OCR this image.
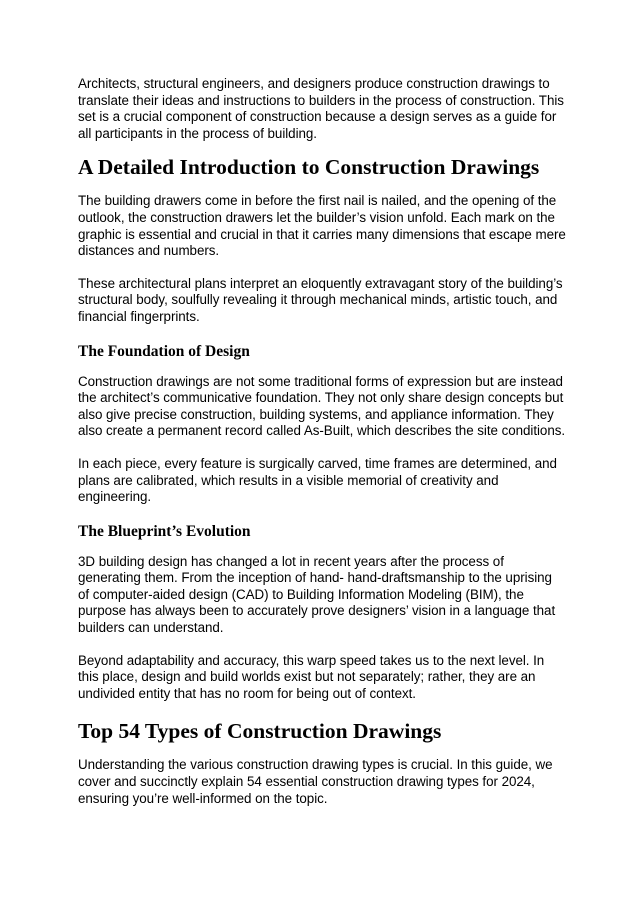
Architects, structural engineers, and designers produce construction drawings to translate their ideas and instructions to builders in the process of construction. This set is a crucial component of construction because a design serves as a guide for all participants in the process of building.

A Detailed Introduction to Construction Drawings

The building drawers come in before the first nail is nailed, and the opening of the outlook, the construction drawers let the builder’s vision unfold. Each mark on the graphic is essential and crucial in that it carries many dimensions that escape mere distances and numbers.

These architectural plans interpret an eloquently extravagant story of the building’s structural body, soulfully revealing it through mechanical minds, artistic touch, and financial fingerprints.

The Foundation of Design

Construction drawings are not some traditional forms of expression but are instead the architect’s communicative foundation. They not only share design concepts but also give precise construction, building systems, and appliance information. They also create a permanent record called As-Built, which describes the site conditions.

In each piece, every feature is surgically carved, time frames are determined, and plans are calibrated, which results in a visible memorial of creativity and engineering.

The Blueprint’s Evolution

3D building design has changed a lot in recent years after the process of generating them. From the inception of hand- hand-draftsmanship to the uprising of computer-aided design (CAD) to Building Information Modeling (BIM), the purpose has always been to accurately prove designers’ vision in a language that builders can understand.

Beyond adaptability and accuracy, this warp speed takes us to the next level. In this place, design and build worlds exist but not separately; rather, they are an undivided entity that has no room for being out of context.

Top 54 Types of Construction Drawings

Understanding the various construction drawing types is crucial. In this guide, we cover and succinctly explain 54 essential construction drawing types for 2024, ensuring you’re well-informed on the topic.
